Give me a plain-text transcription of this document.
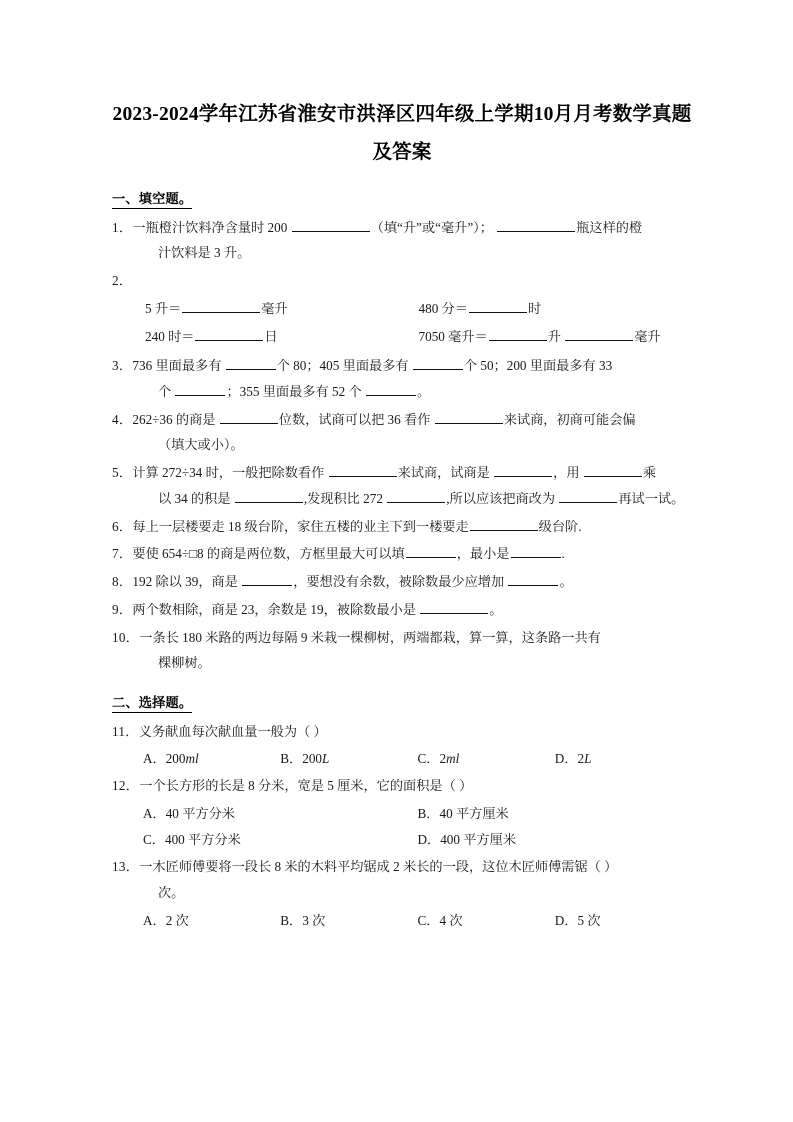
2023-2024学年江苏省淮安市洪泽区四年级上学期10月月考数学真题及答案
一、填空题。
1．一瓶橙汁饮料净含量时 200	（填“升”或“毫升”）；	瓶这样的橙
汁饮料是 3 升。
2．
5 升＝	毫升	480 分＝	时
240 时＝	日	7050 毫升＝	升	毫升
3．736 里面最多有	个 80；405 里面最多有	个 50；200 里面最多有 33
个	；355 里面最多有 52 个	。
4．262÷36 的商是	位数，试商可以把 36 看作	来试商，初商可能会偏
（填大或小）。
5．计算 272÷34 时，一般把除数看作	来试商，试商是	，用	乘
以 34 的积是	,发现积比 272	,所以应该把商改为	再试一试。
6．每上一层楼要走 18 级台阶，家住五楼的业主下到一楼要走	级台阶.
7．要使 654÷□8 的商是两位数，方框里最大可以填	，最小是	.
8．192 除以 39，商是	，要想没有余数，被除数最少应增加	。
9．两个数相除，商是 23，余数是 19，被除数最小是	。
10．一条长 180 米路的两边每隔 9 米栽一棵柳树，两端都栽，算一算，这条路一共有
棵柳树。
二、选择题。
11．义务献血每次献血量一般为（ ）
A．200ml	B．200L	C．2ml	D．2L
12．一个长方形的长是 8 分米，宽是 5 厘米，它的面积是（ ）
A．40 平方分米	B．40 平方厘米
C．400 平方分米	D．400 平方厘米
13．一木匠师傅要将一段长 8 米的木料平均锯成 2 米长的一段，这位木匠师傅需锯（ ）
次。
A．2 次	B．3 次	C．4 次	D．5 次
